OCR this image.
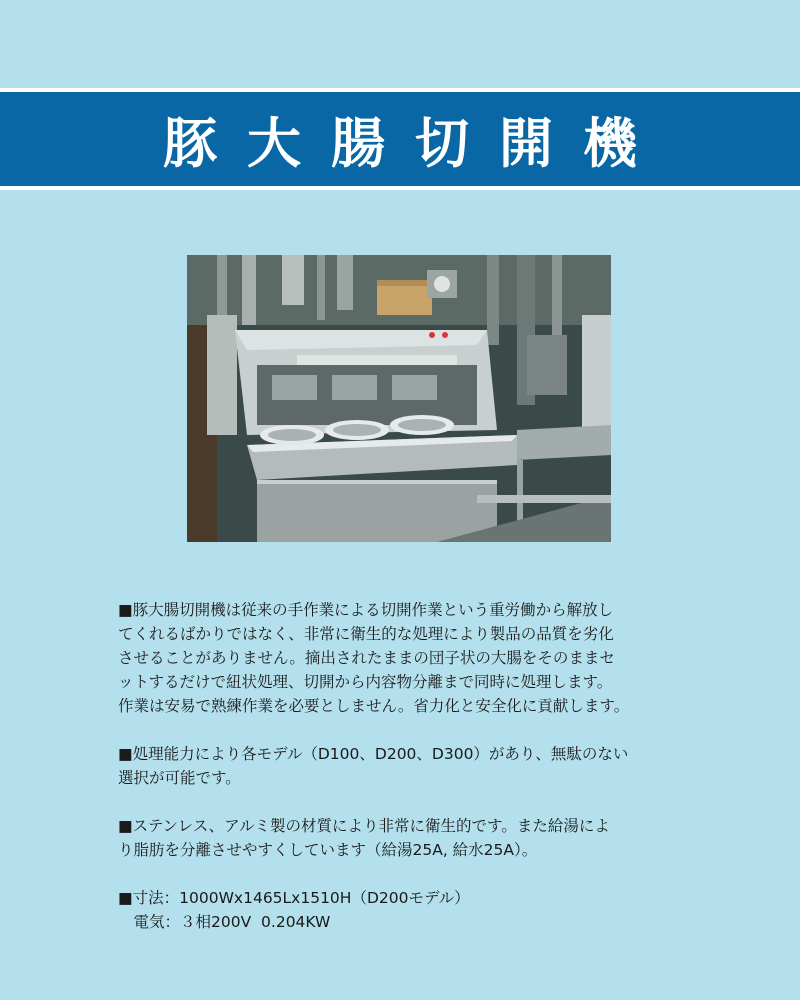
豚大腸切開機

■豚大腸切開機は従来の手作業による切開作業という重労働から解放し

てくれるばかりではなく、非常に衛生的な処理により製品の品質を劣化

させることがありません。摘出されたままの団子状の大腸をそのままセ

ットするだけで紐状処理、切開から内容物分離まで同時に処理します。

作業は安易で熟練作業を必要としません。省力化と安全化に貢献します。

■処理能力により各モデル（D100、D200、D300）があり、無駄のない

選択が可能です。

■ステンレス、アルミ製の材質により非常に衛生的です。また給湯によ

り脂肪を分離させやすくしています（給湯25A, 給水25A）。

■寸法：1000Wx1465Lx1510H（D200モデル）

　電気：３相200V  0.204KW
